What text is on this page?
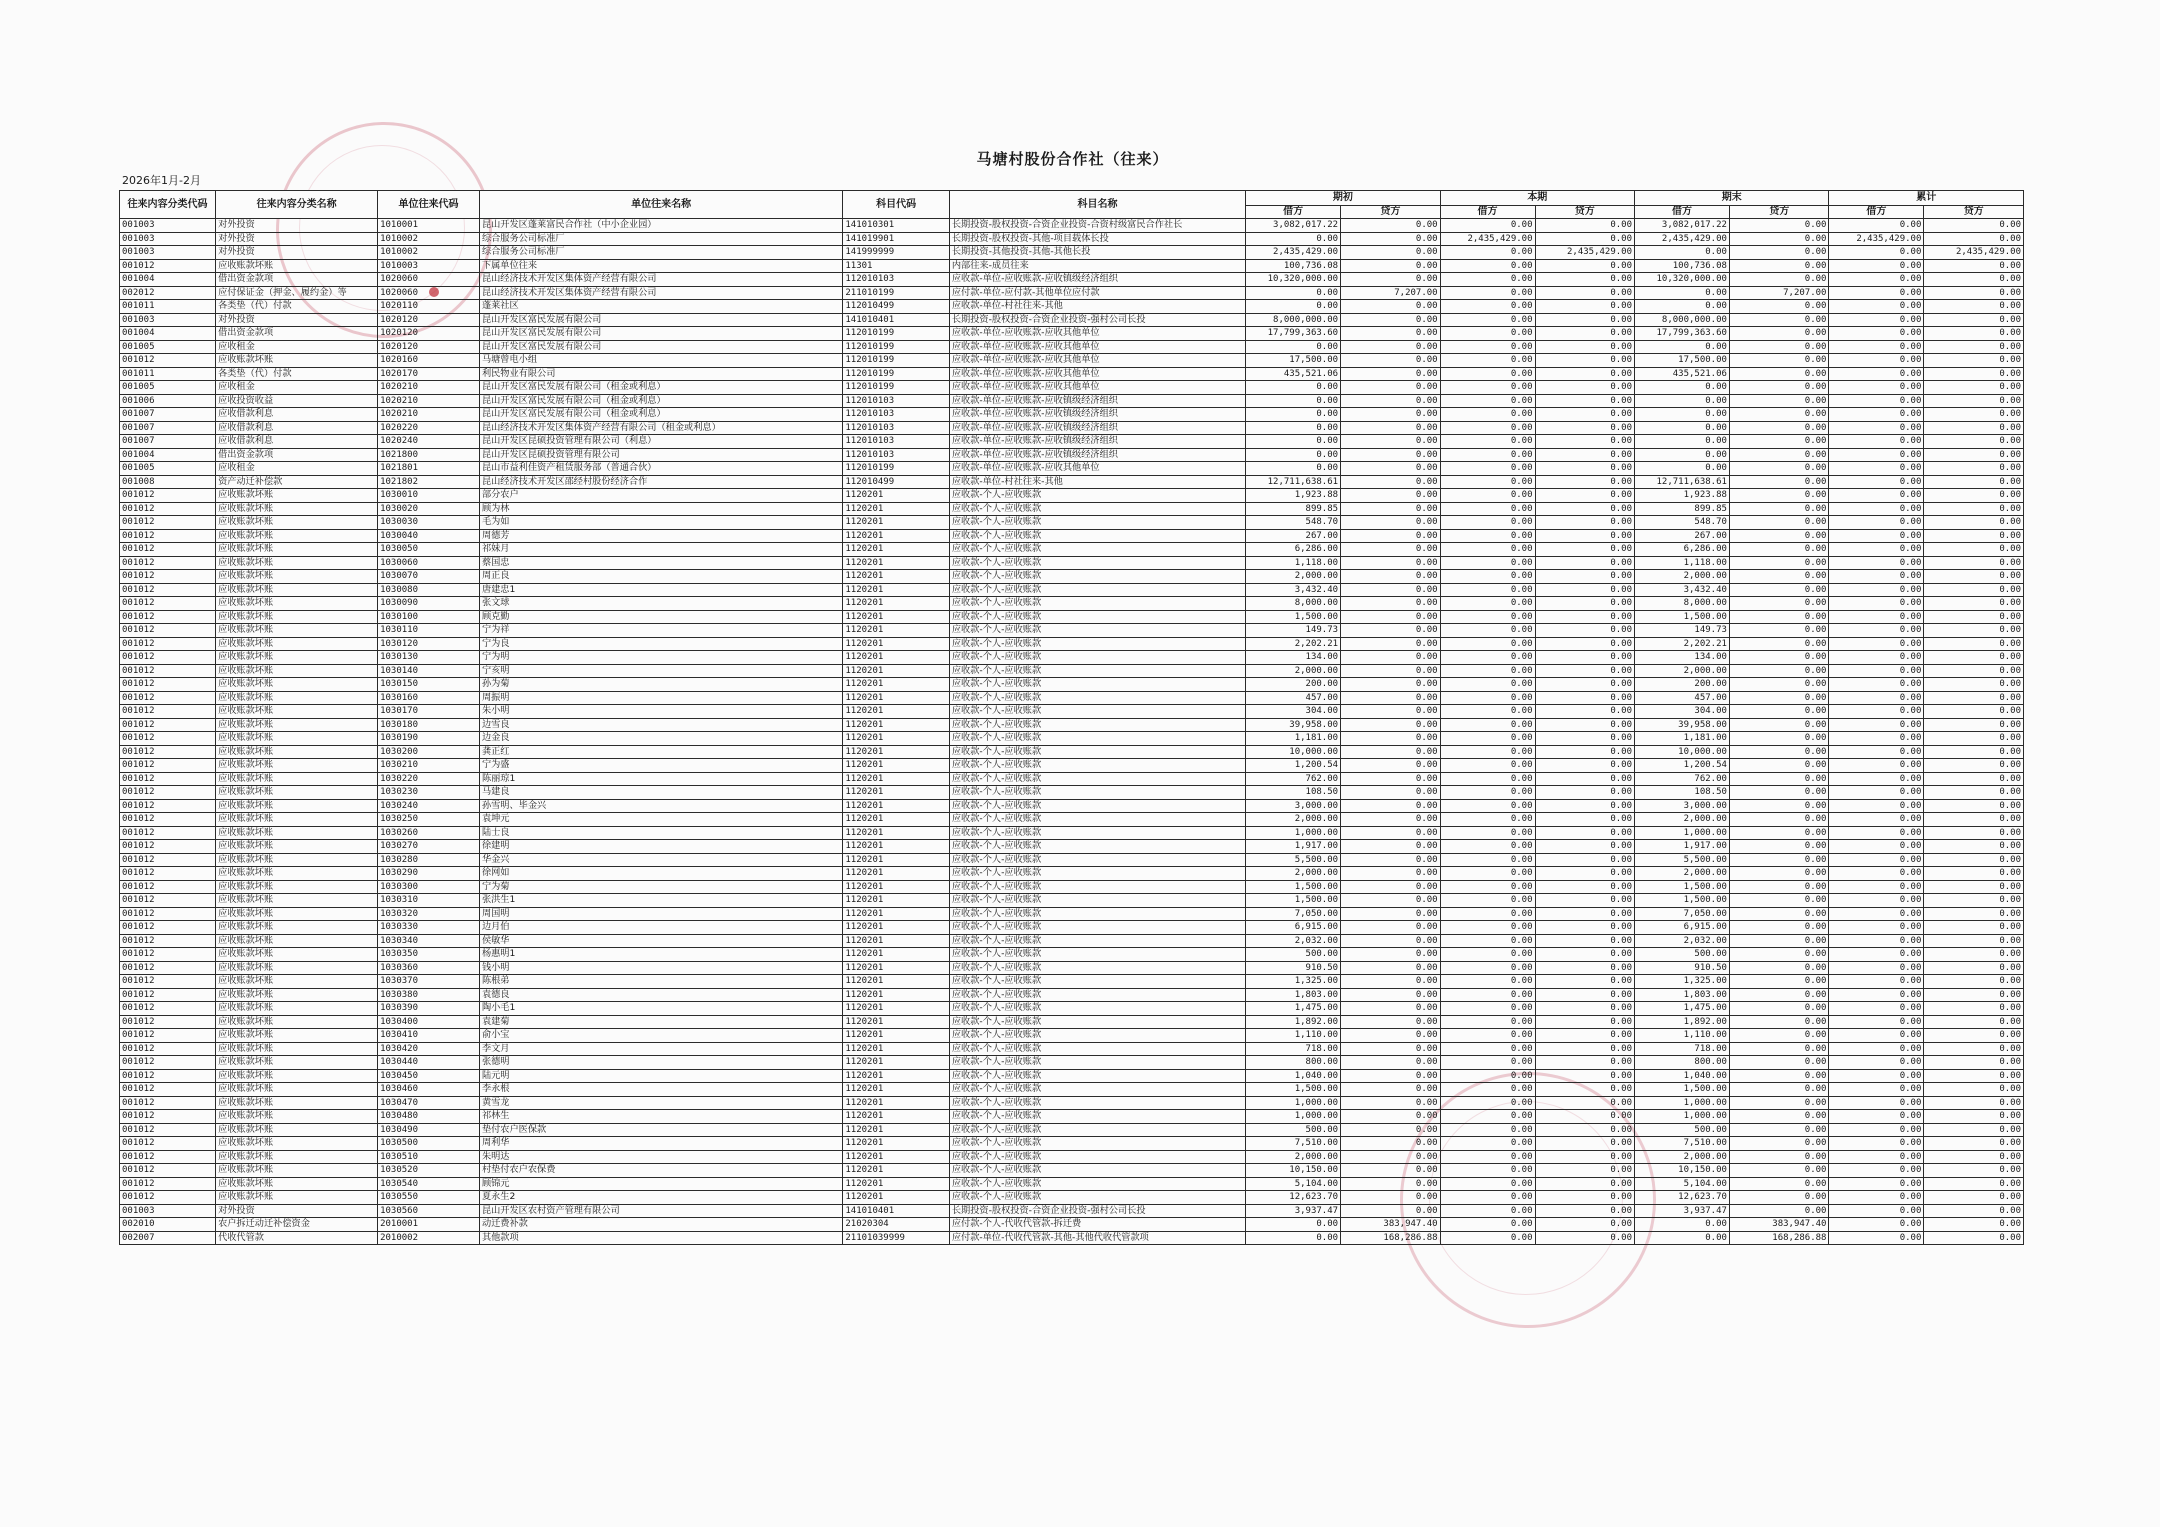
马塘村股份合作社（往来）
2026年1月-2月
往来内容分类代码	往来内容分类名称	单位往来代码	单位往来名称	科目代码	科目名称	期初		本期		期末		累计	
						借方	贷方	借方	贷方	借方	贷方	借方	贷方
001003	对外投资	1010001	昆山开发区蓬莱富民合作社（中小企业园）	141010301	长期投资-股权投资-合资企业投资-合资村级富民合作社长	3,082,017.22	0.00	0.00	0.00	3,082,017.22	0.00	0.00	0.00
001003	对外投资	1010002	综合服务公司标准厂	141019901	长期投资-股权投资-其他-项目载体长投	0.00	0.00	2,435,429.00	0.00	2,435,429.00	0.00	2,435,429.00	0.00
001003	对外投资	1010002	综合服务公司标准厂	141999999	长期投资-其他投资-其他-其他长投	2,435,429.00	0.00	0.00	2,435,429.00	0.00	0.00	0.00	2,435,429.00
001012	应收账款坏账	1010003	下属单位往来	11301	内部往来-成员往来	100,736.08	0.00	0.00	0.00	100,736.08	0.00	0.00	0.00
001004	借出资金款项	1020060	昆山经济技术开发区集体资产经营有限公司	112010103	应收款-单位-应收账款-应收镇级经济组织	10,320,000.00	0.00	0.00	0.00	10,320,000.00	0.00	0.00	0.00
002012	应付保证金（押金、履约金）等	1020060	昆山经济技术开发区集体资产经营有限公司	211010199	应付款-单位-应付款-其他单位应付款	0.00	7,207.00	0.00	0.00	0.00	7,207.00	0.00	0.00
001011	各类垫（代）付款	1020110	蓬莱社区	112010499	应收款-单位-村社往来-其他	0.00	0.00	0.00	0.00	0.00	0.00	0.00	0.00
001003	对外投资	1020120	昆山开发区富民发展有限公司	141010401	长期投资-股权投资-合资企业投资-强村公司长投	8,000,000.00	0.00	0.00	0.00	8,000,000.00	0.00	0.00	0.00
001004	借出资金款项	1020120	昆山开发区富民发展有限公司	112010199	应收款-单位-应收账款-应收其他单位	17,799,363.60	0.00	0.00	0.00	17,799,363.60	0.00	0.00	0.00
001005	应收租金	1020120	昆山开发区富民发展有限公司	112010199	应收款-单位-应收账款-应收其他单位	0.00	0.00	0.00	0.00	0.00	0.00	0.00	0.00
001012	应收账款坏账	1020160	马塘曾电小组	112010199	应收款-单位-应收账款-应收其他单位	17,500.00	0.00	0.00	0.00	17,500.00	0.00	0.00	0.00
001011	各类垫（代）付款	1020170	利民物业有限公司	112010199	应收款-单位-应收账款-应收其他单位	435,521.06	0.00	0.00	0.00	435,521.06	0.00	0.00	0.00
001005	应收租金	1020210	昆山开发区富民发展有限公司（租金或利息）	112010199	应收款-单位-应收账款-应收其他单位	0.00	0.00	0.00	0.00	0.00	0.00	0.00	0.00
001006	应收投资收益	1020210	昆山开发区富民发展有限公司（租金或利息）	112010103	应收款-单位-应收账款-应收镇级经济组织	0.00	0.00	0.00	0.00	0.00	0.00	0.00	0.00
001007	应收借款利息	1020210	昆山开发区富民发展有限公司（租金或利息）	112010103	应收款-单位-应收账款-应收镇级经济组织	0.00	0.00	0.00	0.00	0.00	0.00	0.00	0.00
001007	应收借款利息	1020220	昆山经济技术开发区集体资产经营有限公司（租金或利息）	112010103	应收款-单位-应收账款-应收镇级经济组织	0.00	0.00	0.00	0.00	0.00	0.00	0.00	0.00
001007	应收借款利息	1020240	昆山开发区昆硕投资管理有限公司（利息）	112010103	应收款-单位-应收账款-应收镇级经济组织	0.00	0.00	0.00	0.00	0.00	0.00	0.00	0.00
001004	借出资金款项	1021800	昆山开发区昆硕投资管理有限公司	112010103	应收款-单位-应收账款-应收镇级经济组织	0.00	0.00	0.00	0.00	0.00	0.00	0.00	0.00
001005	应收租金	1021801	昆山市益利佳资产租赁服务部（普通合伙）	112010199	应收款-单位-应收账款-应收其他单位	0.00	0.00	0.00	0.00	0.00	0.00	0.00	0.00
001008	资产动迁补偿款	1021802	昆山经济技术开发区邵经村股份经济合作	112010499	应收款-单位-村社往来-其他	12,711,638.61	0.00	0.00	0.00	12,711,638.61	0.00	0.00	0.00
001012	应收账款坏账	1030010	部分农户	1120201	应收款-个人-应收账款	1,923.88	0.00	0.00	0.00	1,923.88	0.00	0.00	0.00
001012	应收账款坏账	1030020	顾为林	1120201	应收款-个人-应收账款	899.85	0.00	0.00	0.00	899.85	0.00	0.00	0.00
001012	应收账款坏账	1030030	毛为如	1120201	应收款-个人-应收账款	548.70	0.00	0.00	0.00	548.70	0.00	0.00	0.00
001012	应收账款坏账	1030040	周德芳	1120201	应收款-个人-应收账款	267.00	0.00	0.00	0.00	267.00	0.00	0.00	0.00
001012	应收账款坏账	1030050	祁妹月	1120201	应收款-个人-应收账款	6,286.00	0.00	0.00	0.00	6,286.00	0.00	0.00	0.00
001012	应收账款坏账	1030060	蔡国忠	1120201	应收款-个人-应收账款	1,118.00	0.00	0.00	0.00	1,118.00	0.00	0.00	0.00
001012	应收账款坏账	1030070	周正良	1120201	应收款-个人-应收账款	2,000.00	0.00	0.00	0.00	2,000.00	0.00	0.00	0.00
001012	应收账款坏账	1030080	唐建忠1	1120201	应收款-个人-应收账款	3,432.40	0.00	0.00	0.00	3,432.40	0.00	0.00	0.00
001012	应收账款坏账	1030090	张文球	1120201	应收款-个人-应收账款	8,000.00	0.00	0.00	0.00	8,000.00	0.00	0.00	0.00
001012	应收账款坏账	1030100	顾克勤	1120201	应收款-个人-应收账款	1,500.00	0.00	0.00	0.00	1,500.00	0.00	0.00	0.00
001012	应收账款坏账	1030110	宁为祥	1120201	应收款-个人-应收账款	149.73	0.00	0.00	0.00	149.73	0.00	0.00	0.00
001012	应收账款坏账	1030120	宁为良	1120201	应收款-个人-应收账款	2,202.21	0.00	0.00	0.00	2,202.21	0.00	0.00	0.00
001012	应收账款坏账	1030130	宁为明	1120201	应收款-个人-应收账款	134.00	0.00	0.00	0.00	134.00	0.00	0.00	0.00
001012	应收账款坏账	1030140	宁亥明	1120201	应收款-个人-应收账款	2,000.00	0.00	0.00	0.00	2,000.00	0.00	0.00	0.00
001012	应收账款坏账	1030150	孙为菊	1120201	应收款-个人-应收账款	200.00	0.00	0.00	0.00	200.00	0.00	0.00	0.00
001012	应收账款坏账	1030160	周振明	1120201	应收款-个人-应收账款	457.00	0.00	0.00	0.00	457.00	0.00	0.00	0.00
001012	应收账款坏账	1030170	朱小明	1120201	应收款-个人-应收账款	304.00	0.00	0.00	0.00	304.00	0.00	0.00	0.00
001012	应收账款坏账	1030180	边雪良	1120201	应收款-个人-应收账款	39,958.00	0.00	0.00	0.00	39,958.00	0.00	0.00	0.00
001012	应收账款坏账	1030190	边金良	1120201	应收款-个人-应收账款	1,181.00	0.00	0.00	0.00	1,181.00	0.00	0.00	0.00
001012	应收账款坏账	1030200	龚正红	1120201	应收款-个人-应收账款	10,000.00	0.00	0.00	0.00	10,000.00	0.00	0.00	0.00
001012	应收账款坏账	1030210	宁为盛	1120201	应收款-个人-应收账款	1,200.54	0.00	0.00	0.00	1,200.54	0.00	0.00	0.00
001012	应收账款坏账	1030220	陈丽琼1	1120201	应收款-个人-应收账款	762.00	0.00	0.00	0.00	762.00	0.00	0.00	0.00
001012	应收账款坏账	1030230	马建良	1120201	应收款-个人-应收账款	108.50	0.00	0.00	0.00	108.50	0.00	0.00	0.00
001012	应收账款坏账	1030240	孙雪明、毕金兴	1120201	应收款-个人-应收账款	3,000.00	0.00	0.00	0.00	3,000.00	0.00	0.00	0.00
001012	应收账款坏账	1030250	袁坤元	1120201	应收款-个人-应收账款	2,000.00	0.00	0.00	0.00	2,000.00	0.00	0.00	0.00
001012	应收账款坏账	1030260	陆士良	1120201	应收款-个人-应收账款	1,000.00	0.00	0.00	0.00	1,000.00	0.00	0.00	0.00
001012	应收账款坏账	1030270	徐建明	1120201	应收款-个人-应收账款	1,917.00	0.00	0.00	0.00	1,917.00	0.00	0.00	0.00
001012	应收账款坏账	1030280	华金兴	1120201	应收款-个人-应收账款	5,500.00	0.00	0.00	0.00	5,500.00	0.00	0.00	0.00
001012	应收账款坏账	1030290	徐网如	1120201	应收款-个人-应收账款	2,000.00	0.00	0.00	0.00	2,000.00	0.00	0.00	0.00
001012	应收账款坏账	1030300	宁为菊	1120201	应收款-个人-应收账款	1,500.00	0.00	0.00	0.00	1,500.00	0.00	0.00	0.00
001012	应收账款坏账	1030310	张洪生1	1120201	应收款-个人-应收账款	1,500.00	0.00	0.00	0.00	1,500.00	0.00	0.00	0.00
001012	应收账款坏账	1030320	周国明	1120201	应收款-个人-应收账款	7,050.00	0.00	0.00	0.00	7,050.00	0.00	0.00	0.00
001012	应收账款坏账	1030330	边月伯	1120201	应收款-个人-应收账款	6,915.00	0.00	0.00	0.00	6,915.00	0.00	0.00	0.00
001012	应收账款坏账	1030340	侯敏华	1120201	应收款-个人-应收账款	2,032.00	0.00	0.00	0.00	2,032.00	0.00	0.00	0.00
001012	应收账款坏账	1030350	杨惠明1	1120201	应收款-个人-应收账款	500.00	0.00	0.00	0.00	500.00	0.00	0.00	0.00
001012	应收账款坏账	1030360	钱小明	1120201	应收款-个人-应收账款	910.50	0.00	0.00	0.00	910.50	0.00	0.00	0.00
001012	应收账款坏账	1030370	陈根弟	1120201	应收款-个人-应收账款	1,325.00	0.00	0.00	0.00	1,325.00	0.00	0.00	0.00
001012	应收账款坏账	1030380	袁德良	1120201	应收款-个人-应收账款	1,803.00	0.00	0.00	0.00	1,803.00	0.00	0.00	0.00
001012	应收账款坏账	1030390	陶小毛1	1120201	应收款-个人-应收账款	1,475.00	0.00	0.00	0.00	1,475.00	0.00	0.00	0.00
001012	应收账款坏账	1030400	袁建菊	1120201	应收款-个人-应收账款	1,892.00	0.00	0.00	0.00	1,892.00	0.00	0.00	0.00
001012	应收账款坏账	1030410	俞小宝	1120201	应收款-个人-应收账款	1,110.00	0.00	0.00	0.00	1,110.00	0.00	0.00	0.00
001012	应收账款坏账	1030420	李文月	1120201	应收款-个人-应收账款	718.00	0.00	0.00	0.00	718.00	0.00	0.00	0.00
001012	应收账款坏账	1030440	张德明	1120201	应收款-个人-应收账款	800.00	0.00	0.00	0.00	800.00	0.00	0.00	0.00
001012	应收账款坏账	1030450	陆元明	1120201	应收款-个人-应收账款	1,040.00	0.00	0.00	0.00	1,040.00	0.00	0.00	0.00
001012	应收账款坏账	1030460	李永根	1120201	应收款-个人-应收账款	1,500.00	0.00	0.00	0.00	1,500.00	0.00	0.00	0.00
001012	应收账款坏账	1030470	黄雪龙	1120201	应收款-个人-应收账款	1,000.00	0.00	0.00	0.00	1,000.00	0.00	0.00	0.00
001012	应收账款坏账	1030480	祁林生	1120201	应收款-个人-应收账款	1,000.00	0.00	0.00	0.00	1,000.00	0.00	0.00	0.00
001012	应收账款坏账	1030490	垫付农户医保款	1120201	应收款-个人-应收账款	500.00	0.00	0.00	0.00	500.00	0.00	0.00	0.00
001012	应收账款坏账	1030500	周利华	1120201	应收款-个人-应收账款	7,510.00	0.00	0.00	0.00	7,510.00	0.00	0.00	0.00
001012	应收账款坏账	1030510	朱明达	1120201	应收款-个人-应收账款	2,000.00	0.00	0.00	0.00	2,000.00	0.00	0.00	0.00
001012	应收账款坏账	1030520	村垫付农户农保费	1120201	应收款-个人-应收账款	10,150.00	0.00	0.00	0.00	10,150.00	0.00	0.00	0.00
001012	应收账款坏账	1030540	顾锦元	1120201	应收款-个人-应收账款	5,104.00	0.00	0.00	0.00	5,104.00	0.00	0.00	0.00
001012	应收账款坏账	1030550	夏永生2	1120201	应收款-个人-应收账款	12,623.70	0.00	0.00	0.00	12,623.70	0.00	0.00	0.00
001003	对外投资	1030560	昆山开发区农村资产管理有限公司	141010401	长期投资-股权投资-合资企业投资-强村公司长投	3,937.47	0.00	0.00	0.00	3,937.47	0.00	0.00	0.00
002010	农户拆迁动迁补偿资金	2010001	动迁费补款	21020304	应付款-个人-代收代管款-拆迁费	0.00	383,947.40	0.00	0.00	0.00	383,947.40	0.00	0.00
002007	代收代管款	2010002	其他款项	21101039999	应付款-单位-代收代管款-其他-其他代收代管款项	0.00	168,286.88	0.00	0.00	0.00	168,286.88	0.00	0.00
